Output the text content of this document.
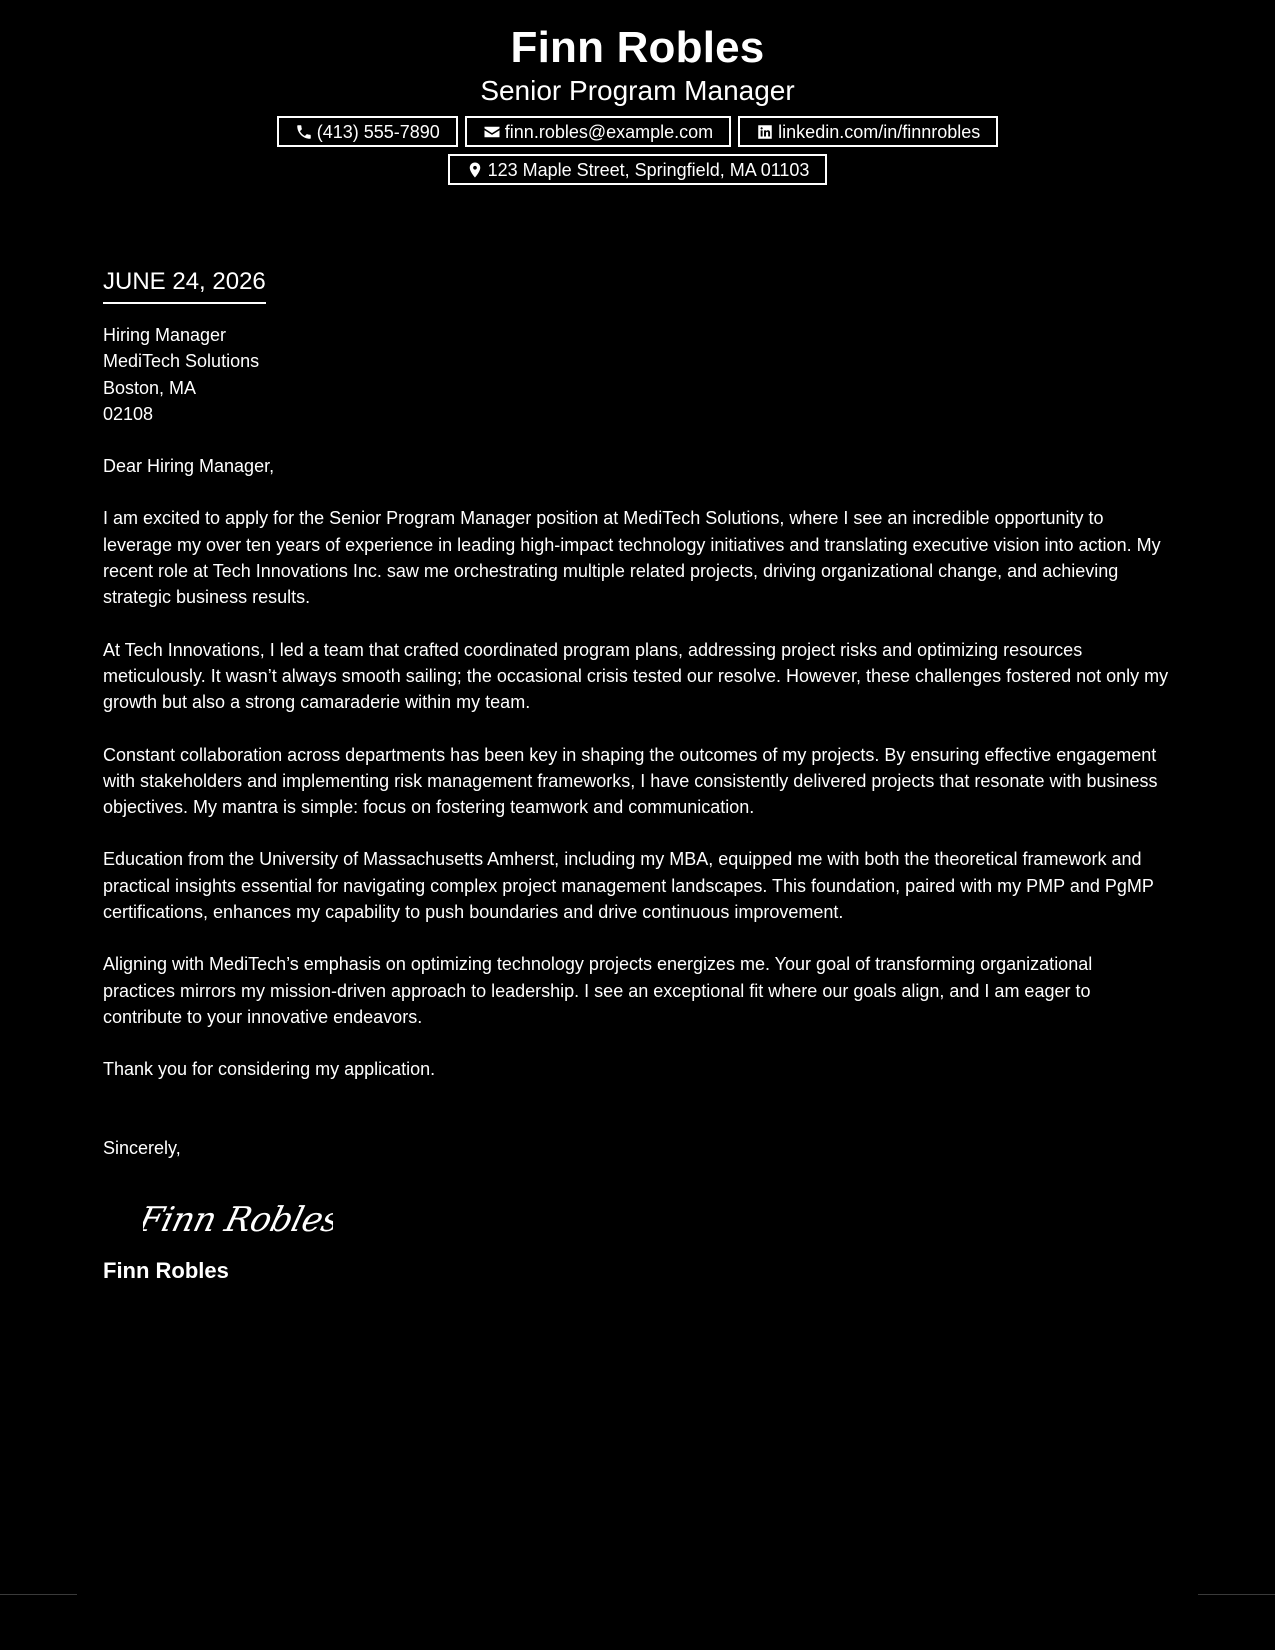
Finn Robles

Senior Program Manager

(413) 555-7890	finn.robles@example.com	linkedin.com/in/finnrobles
123 Maple Street, Springfield, MA 01103
JUNE 24, 2026
Hiring Manager
MediTech Solutions
Boston, MA
02108

Dear Hiring Manager,

I am excited to apply for the Senior Program Manager position at MediTech Solutions, where I see an incredible opportunity to leverage my over ten years of experience in leading high-impact technology initiatives and translating executive vision into action. My recent role at Tech Innovations Inc. saw me orchestrating multiple related projects, driving organizational change, and achieving strategic business results.

At Tech Innovations, I led a team that crafted coordinated program plans, addressing project risks and optimizing resources meticulously. It wasn’t always smooth sailing; the occasional crisis tested our resolve. However, these challenges fostered not only my growth but also a strong camaraderie within my team.

Constant collaboration across departments has been key in shaping the outcomes of my projects. By ensuring effective engagement with stakeholders and implementing risk management frameworks, I have consistently delivered projects that resonate with business objectives. My mantra is simple: focus on fostering teamwork and communication.

Education from the University of Massachusetts Amherst, including my MBA, equipped me with both the theoretical framework and practical insights essential for navigating complex project management landscapes. This foundation, paired with my PMP and PgMP certifications, enhances my capability to push boundaries and drive continuous improvement.

Aligning with MediTech’s emphasis on optimizing technology projects energizes me. Your goal of transforming organizational practices mirrors my mission-driven approach to leadership. I see an exceptional fit where our goals align, and I am eager to contribute to your innovative endeavors.

Thank you for considering my application.

Sincerely,

Finn Robles
Finn Robles
